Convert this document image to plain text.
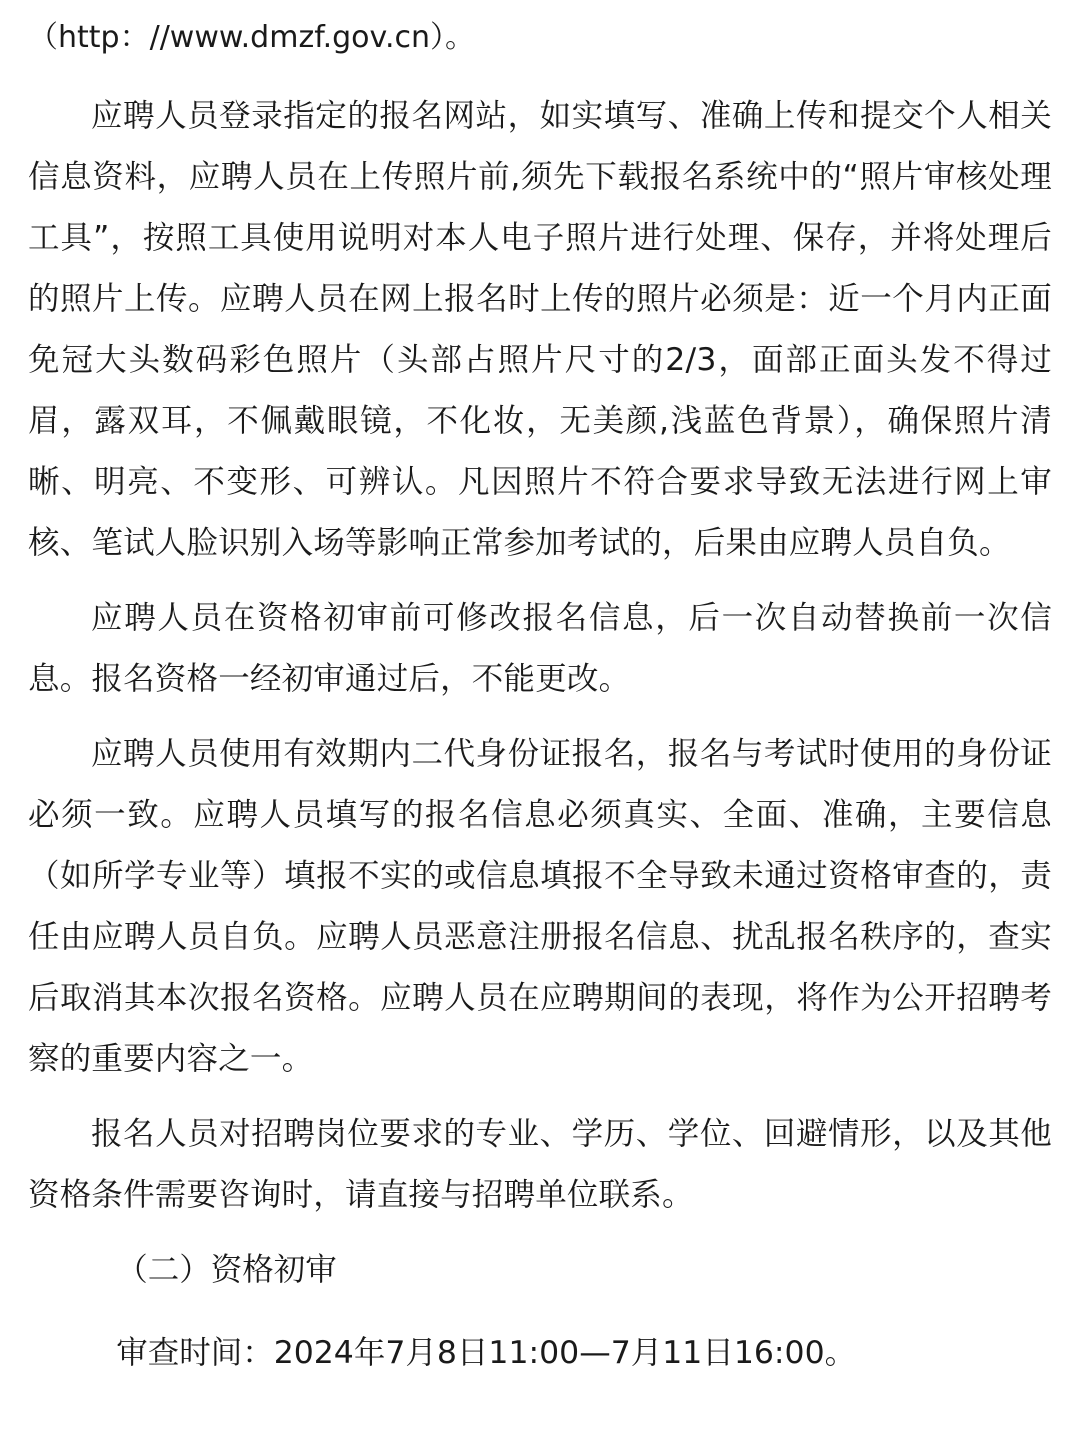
（http：//www.dmzf.gov.cn）。

应聘人员登录指定的报名网站，如实填写、准确上传和提交个人相关信息资料，应聘人员在上传照片前,须先下载报名系统中的“照片审核处理工具”，按照工具使用说明对本人电子照片进行处理、保存，并将处理后的照片上传。应聘人员在网上报名时上传的照片必须是：近一个月内正面免冠大头数码彩色照片（头部占照片尺寸的2/3，面部正面头发不得过眉，露双耳，不佩戴眼镜，不化妆，无美颜,浅蓝色背景），确保照片清晰、明亮、不变形、可辨认。凡因照片不符合要求导致无法进行网上审核、笔试人脸识别入场等影响正常参加考试的，后果由应聘人员自负。

应聘人员在资格初审前可修改报名信息，后一次自动替换前一次信息。报名资格一经初审通过后，不能更改。

应聘人员使用有效期内二代身份证报名，报名与考试时使用的身份证必须一致。应聘人员填写的报名信息必须真实、全面、准确，主要信息（如所学专业等）填报不实的或信息填报不全导致未通过资格审查的，责任由应聘人员自负。应聘人员恶意注册报名信息、扰乱报名秩序的，查实后取消其本次报名资格。应聘人员在应聘期间的表现，将作为公开招聘考察的重要内容之一。

报名人员对招聘岗位要求的专业、学历、学位、回避情形，以及其他资格条件需要咨询时，请直接与招聘单位联系。

（二）资格初审

审查时间：2024年7月8日11:00—7月11日16:00。
